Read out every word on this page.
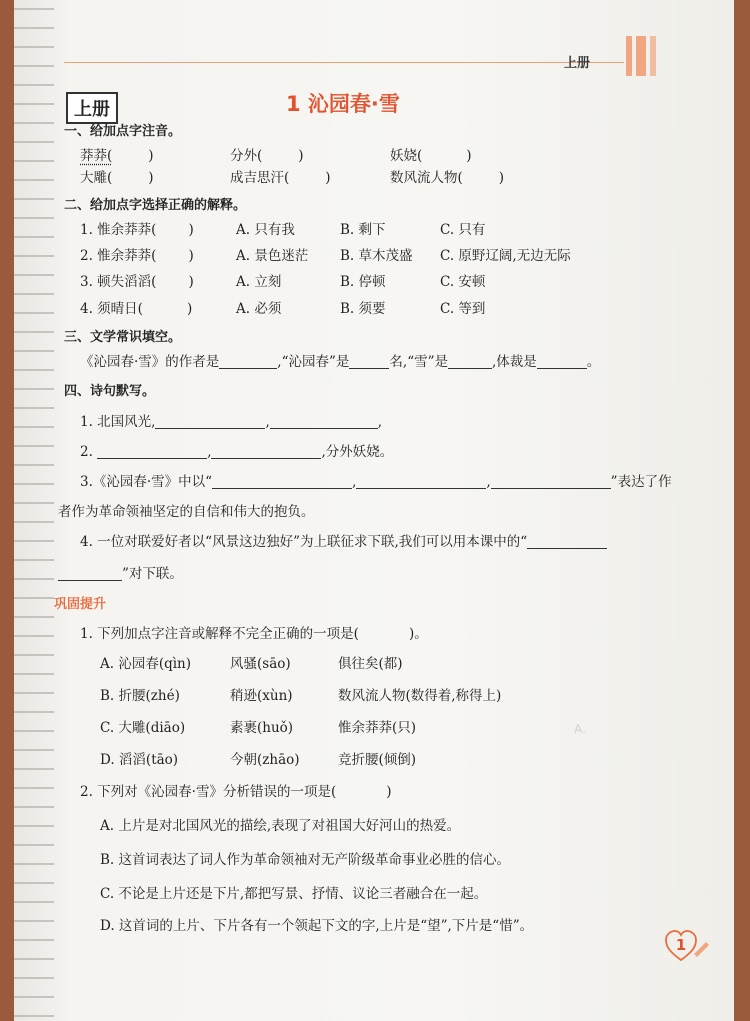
上册
上册	1 沁园春·雪
A.
一、给加点字注音。
莽莽(	)	分外(	)	妖娆(	)
大雕(	)	成吉思汗(	)	数风流人物(	)
二、给加点字选择正确的解释。
1. 惟余莽莽( )	A. 只有我	B. 剩下	C. 只有
2. 惟余莽莽( )	A. 景色迷茫 B. 草木茂盛 C. 原野辽阔,无边无际
3. 顿失滔滔( )	A. 立刻	B. 停顿	C. 安顿
4. 须晴日(	)	A. 必须	B. 须要	C. 等到
三、文学常识填空。
《沁园春·雪》的作者是	,“沁园春”是	名,“雪”是	,体裁是	。
四、诗句默写。
1. 北国风光,	,	,
2.	,	,分外妖娆。
3.《沁园春·雪》中以“	,	,	”表达了作
者作为革命领袖坚定的自信和伟大的抱负。
4. 一位对联爱好者以“风景这边独好”为上联征求下联,我们可以用本课中的“
”对下联。
巩固提升
1. 下列加点字注音或解释不完全正确的一项是(	)。
A. 沁园春(qìn)	风骚(sāo)	俱往矣(都)
B. 折腰(zhé)	稍逊(xùn)	数风流人物(数得着,称得上)
C. 大雕(diāo)	素裹(huǒ)	惟余莽莽(只)
D. 滔滔(tāo)	今朝(zhāo)	竞折腰(倾倒)
2. 下列对《沁园春·雪》分析错误的一项是(	)
A. 上片是对北国风光的描绘,表现了对祖国大好河山的热爱。
B. 这首词表达了词人作为革命领袖对无产阶级革命事业必胜的信心。
C. 不论是上片还是下片,都把写景、抒情、议论三者融合在一起。
D. 这首词的上片、下片各有一个领起下文的字,上片是“望”,下片是“惜”。
1
